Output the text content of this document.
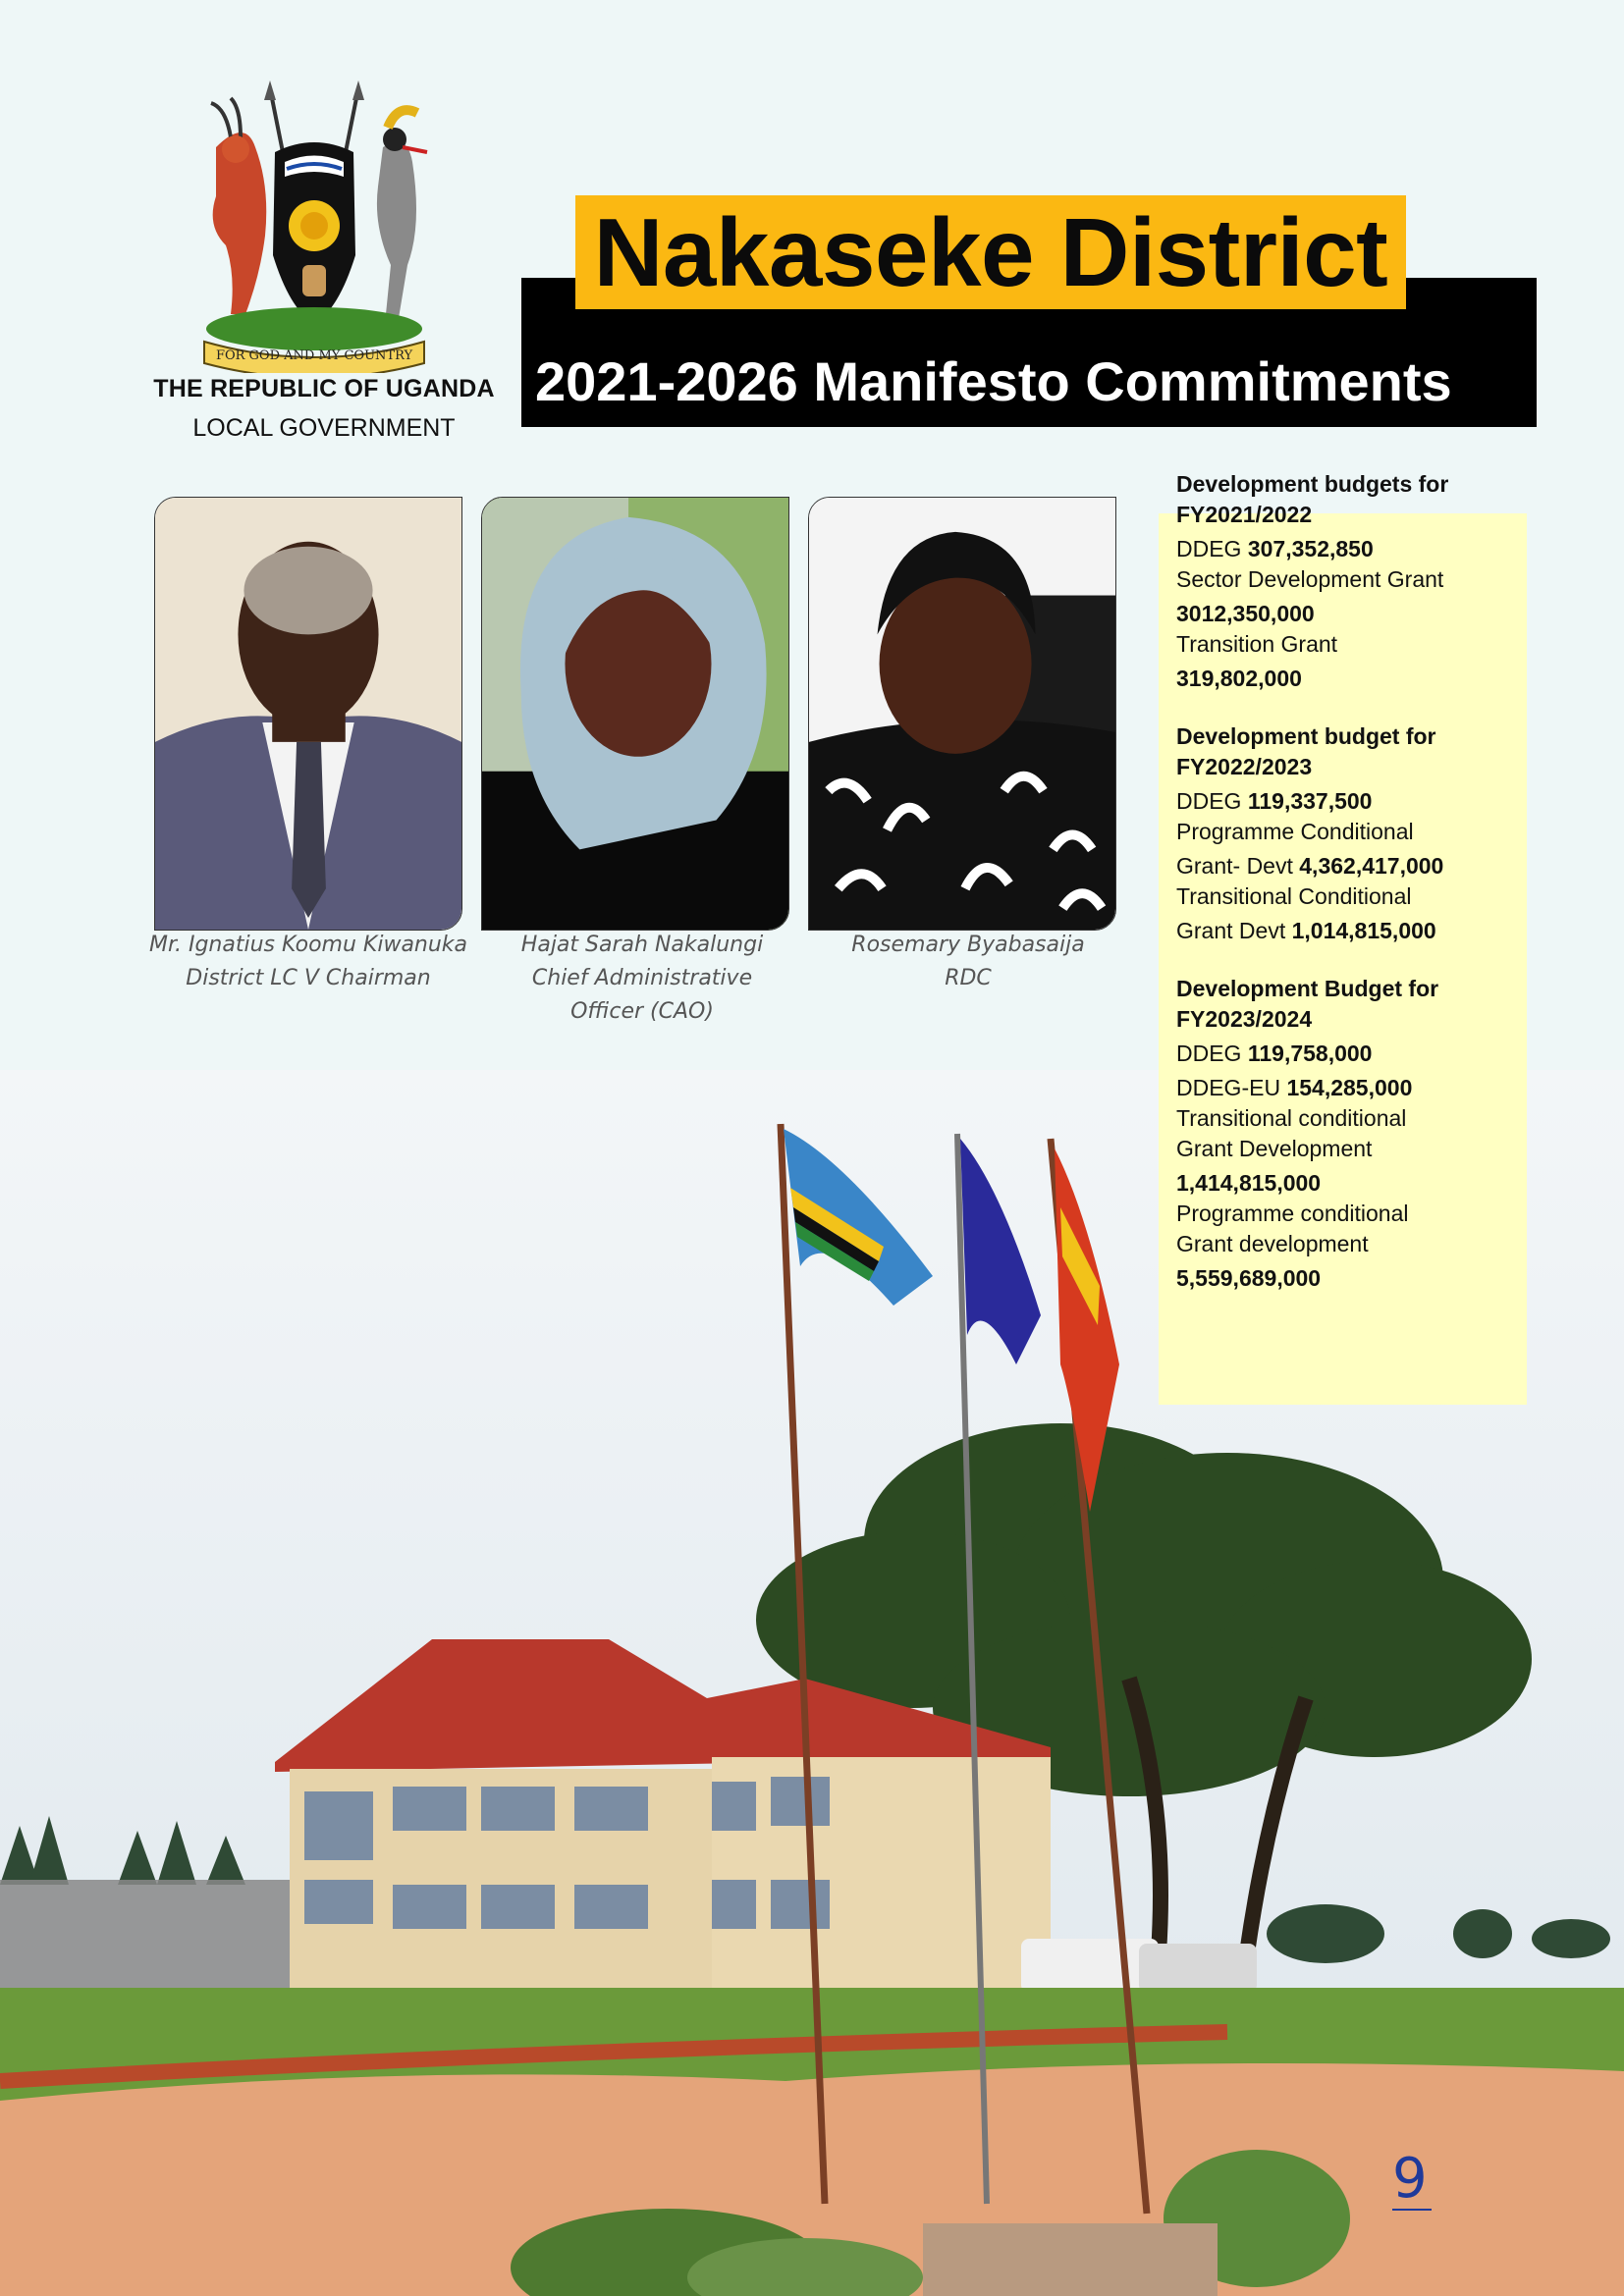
FOR GOD AND MY COUNTRY
THE REPUBLIC OF UGANDA
LOCAL GOVERNMENT
Nakaseke District
2021-2026 Manifesto Commitments
Mr. Ignatius Koomu Kiwanuka
District LC V Chairman
Hajat Sarah Nakalungi
Chief Administrative
Officer (CAO)
Rosemary Byabasaija
RDC
Development budgets for
FY2021/2022
DDEG 307,352,850
Sector Development Grant
3012,350,000
Transition Grant
319,802,000
Development budget for
FY2022/2023
DDEG 119,337,500
Programme Conditional
Grant- Devt 4,362,417,000
Transitional Conditional
Grant Devt 1,014,815,000
Development Budget for
FY2023/2024
DDEG 119,758,000
DDEG-EU 154,285,000
Transitional conditional
Grant Development
1,414,815,000
Programme conditional
Grant development
5,559,689,000
9
